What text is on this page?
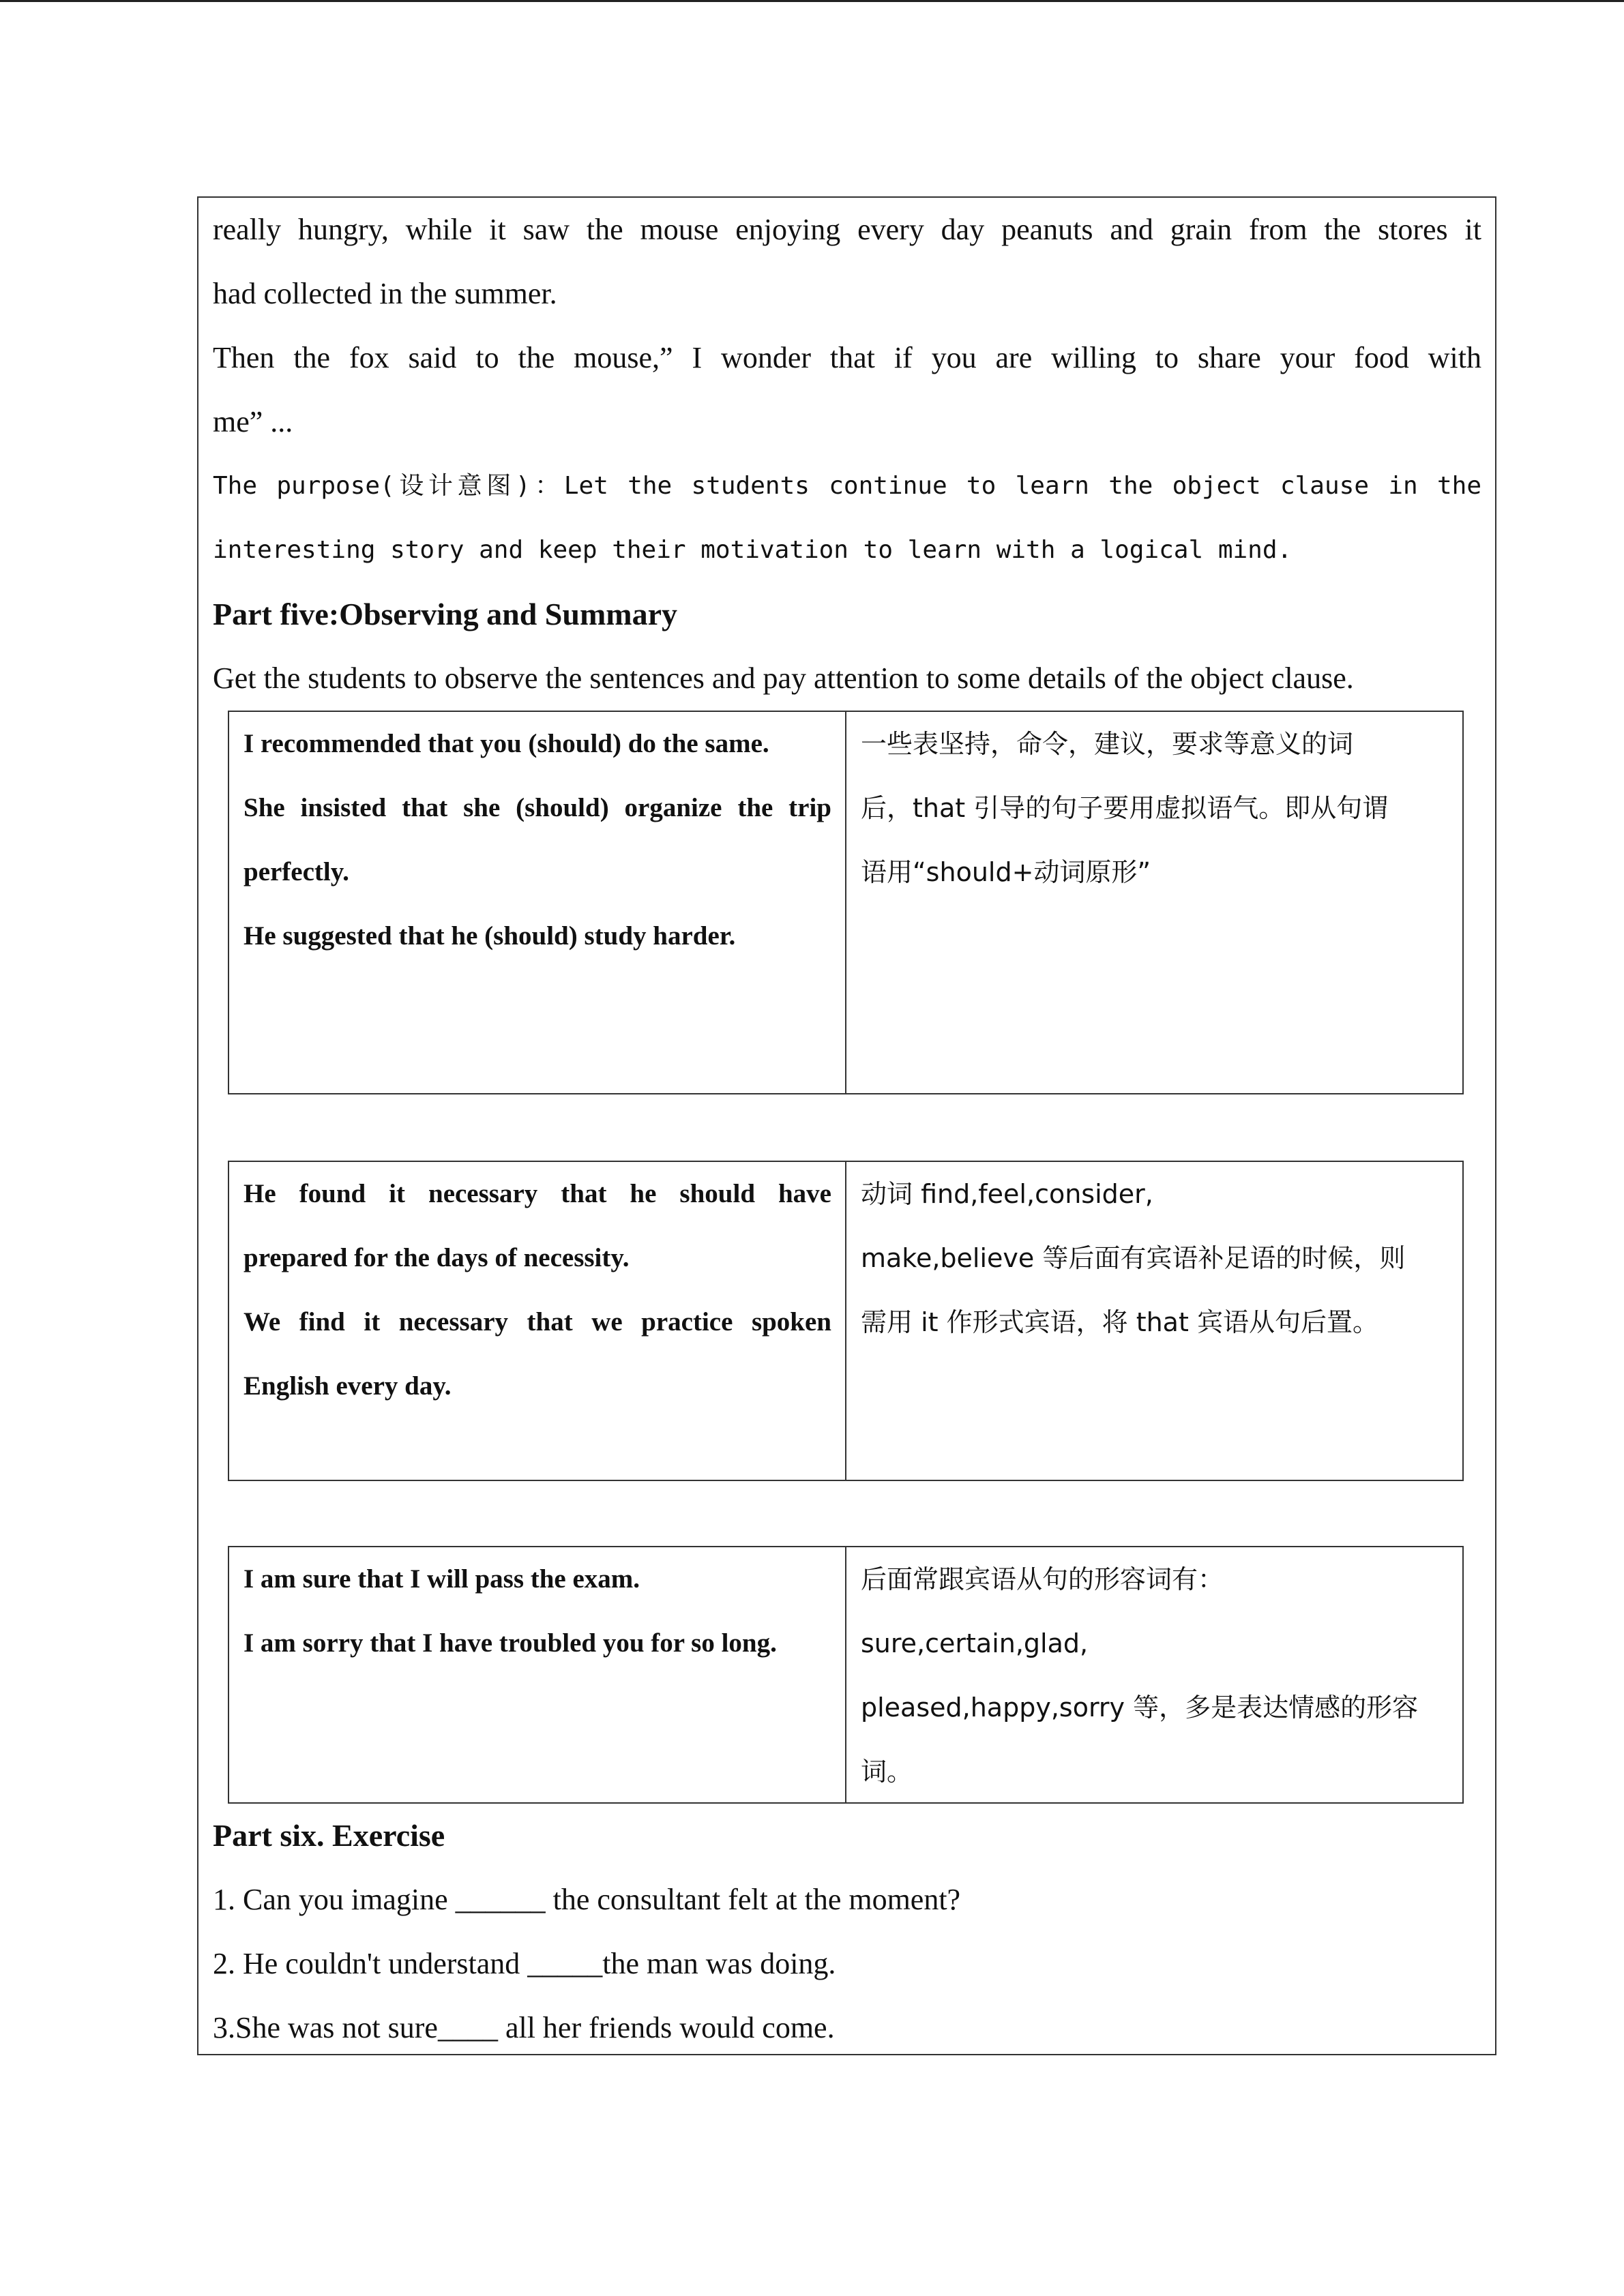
really hungry, while it saw the mouse enjoying every day peanuts and grain from the stores it
had collected in the summer.
Then the fox said to the mouse,” I wonder that if you are willing to share your food with
me” ...
The purpose(设计意图)：Let the students continue to learn the object clause in the
interesting story and keep their motivation to learn with a logical mind.
Part five:Observing and Summary
Get the students to observe the sentences and pay attention to some details of the object clause.
I recommended that you (should) do the same.
She insisted that she (should) organize the trip
perfectly.
He suggested that he (should) study harder.
一些表坚持，命令，建议，要求等意义的词
后，that 引导的句子要用虚拟语气。即从句谓
语用“should+动词原形”
He found it necessary that he should have
prepared for the days of necessity.
We find it necessary that we practice spoken
English every day.
动词 find,feel,consider,
make,believe 等后面有宾语补足语的时候，则
需用 it 作形式宾语，将 that 宾语从句后置。
I am sure that I will pass the exam.
I am sorry that I have troubled you for so long.
后面常跟宾语从句的形容词有：
sure,certain,glad,
pleased,happy,sorry 等，多是表达情感的形容
词。
Part six. Exercise
1. Can you imagine ______ the consultant felt at the moment?
2. He couldn't understand _____the man was doing.
3.She was not sure____ all her friends would come.
